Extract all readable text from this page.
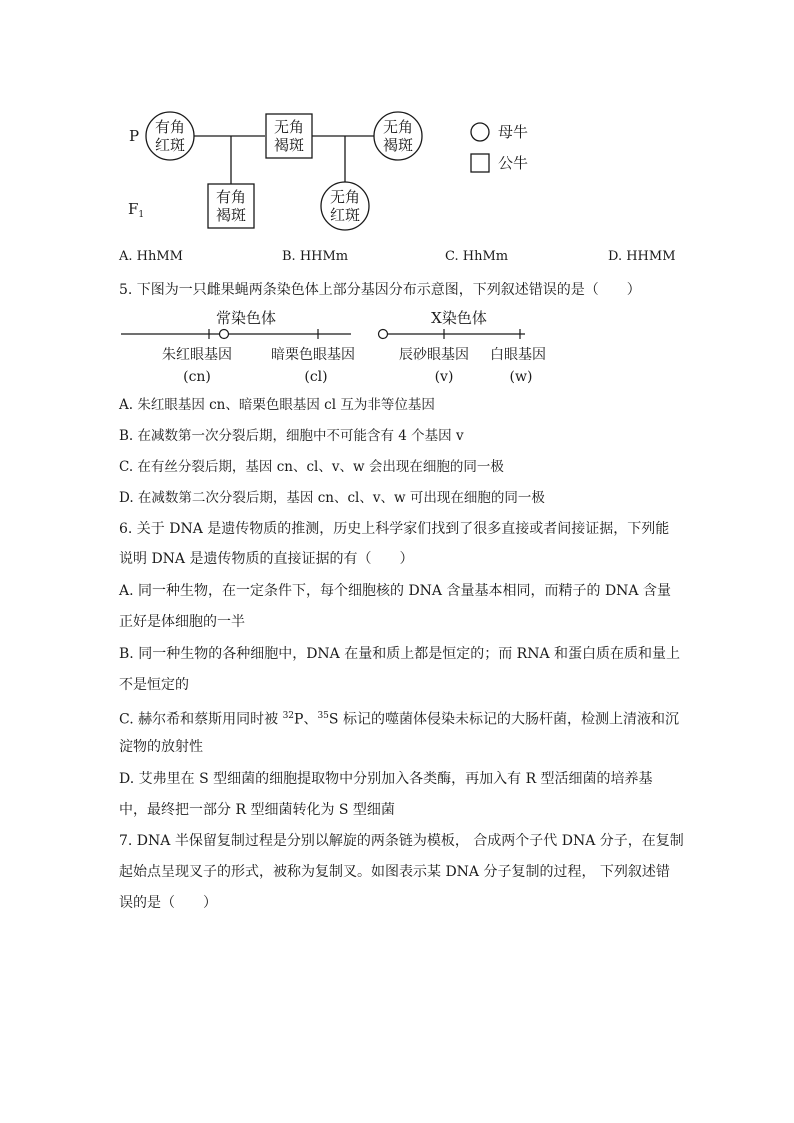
P
$F_1$
有角
红斑
无角
褐斑
无角
褐斑
有角
褐斑
无角
红斑
母牛
公牛
A. HhMM	B. HHMm	C. HhMm	D. HHMM
5. 下图为一只雌果蝇两条染色体上部分基因分布示意图，下列叙述错误的是（　　）
常染色体	X染色体
朱红眼基因	暗栗色眼基因	辰砂眼基因 白眼基因
(cn)	(cl)	(v)	(w)
A. 朱红眼基因 cn、暗栗色眼基因 cl 互为非等位基因
B. 在减数第一次分裂后期，细胞中不可能含有 4 个基因 v
C. 在有丝分裂后期，基因 cn、cl、v、w 会出现在细胞的同一极
D. 在减数第二次分裂后期，基因 cn、cl、v、w 可出现在细胞的同一极
6. 关于 DNA 是遗传物质的推测，历史上科学家们找到了很多直接或者间接证据，下列能
说明 DNA 是遗传物质的直接证据的有（　　）
A. 同一种生物，在一定条件下，每个细胞核的 DNA 含量基本相同，而精子的 DNA 含量
正好是体细胞的一半
B. 同一种生物的各种细胞中，DNA 在量和质上都是恒定的；而 RNA 和蛋白质在质和量上
不是恒定的
C. 赫尔希和蔡斯用同时被 $^{32}$P、$^{35}$S 标记的噬菌体侵染未标记的大肠杆菌，检测上清液和沉
淀物的放射性
D. 艾弗里在 S 型细菌的细胞提取物中分别加入各类酶，再加入有 R 型活细菌的培养基
中，最终把一部分 R 型细菌转化为 S 型细菌
7. DNA 半保留复制过程是分别以解旋的两条链为模板， 合成两个子代 DNA 分子，在复制
起始点呈现叉子的形式，被称为复制叉。如图表示某 DNA 分子复制的过程， 下列叙述错
误的是（　　）
